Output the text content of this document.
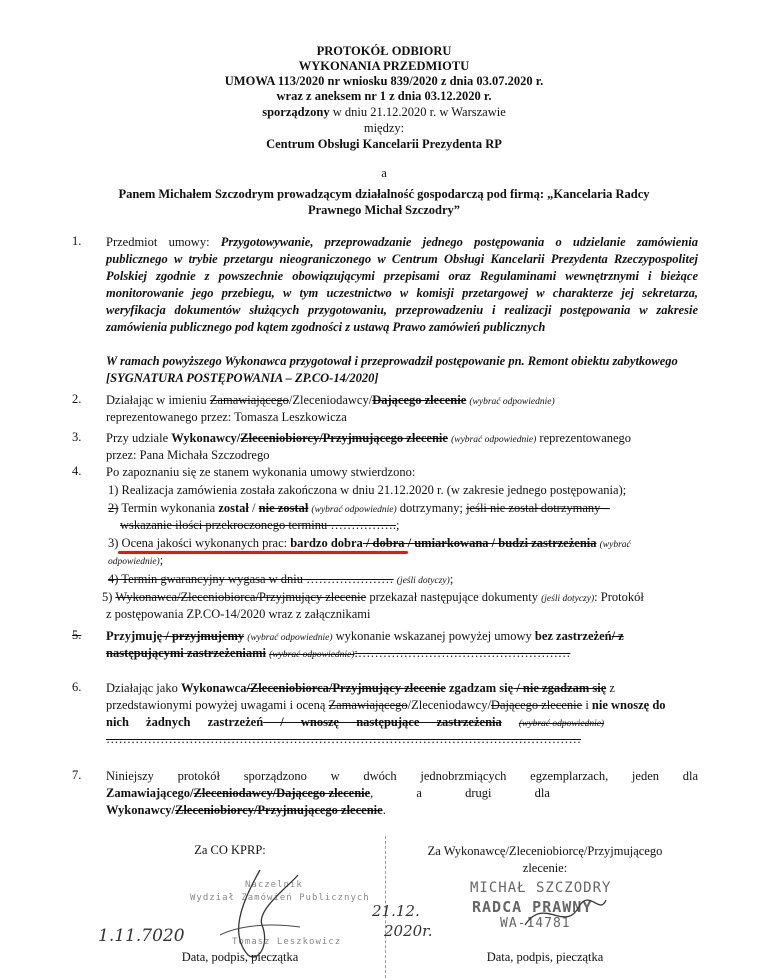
PROTOKÓŁ ODBIORU
WYKONANIA PRZEDMIOTU
UMOWA 113/2020 nr wniosku 839/2020 z dnia 03.07.2020 r.
wraz z aneksem nr 1 z dnia 03.12.2020 r.
sporządzony w dniu 21.12.2020 r. w Warszawie
między:
Centrum Obsługi Kancelarii Prezydenta RP
a
Panem Michałem Szczodrym prowadzącym działalność gospodarczą pod firmą: „Kancelaria Radcy
Prawnego Michał Szczodry”
1. Przedmiot umowy: Przygotowywanie, przeprowadzanie jednego postępowania o udzielanie zamówienia publicznego w trybie przetargu nieograniczonego w Centrum Obsługi Kancelarii Prezydenta Rzeczypospolitej Polskiej zgodnie z powszechnie obowiązującymi przepisami oraz Regulaminami wewnętrznymi i bieżące monitorowanie jego przebiegu, w tym uczestnictwo w komisji przetargowej w charakterze jej sekretarza, weryfikacja dokumentów służących przygotowaniu, przeprowadzeniu i realizacji postępowania w zakresie zamówienia publicznego pod kątem zgodności z ustawą Prawo zamówień publicznych
W ramach powyższego Wykonawca przygotował i przeprowadził postępowanie pn. Remont obiektu zabytkowego [SYGNATURA POSTĘPOWANIA – ZP.CO-14/2020]
2. Działając w imieniu Zamawiającego/Zleceniodawcy/Dającego zlecenie (wybrać odpowiednie)
reprezentowanego przez: Tomasza Leszkowicza
3. Przy udziale Wykonawcy/Zleceniobiorcy/Przyjmującego zlecenie (wybrać odpowiednie) reprezentowanego
przez: Pana Michała Szczodrego
4. Po zapoznaniu się ze stanem wykonania umowy stwierdzono:
1) Realizacja zamówienia została zakończona w dniu 21.12.2020 r. (w zakresie jednego postępowania);
2) Termin wykonania został / nie został (wybrać odpowiednie) dotrzymany; jeśli nie został dotrzymany –
wskazanie ilości przekroczonego terminu …………….;
3) Ocena jakości wykonanych prac: bardzo dobra / dobra / umiarkowana / budzi zastrzeżenia (wybrać
odpowiednie);
4) Termin gwarancyjny wygasa w dniu ………………… (jeśli dotyczy);
5) Wykonawca/Zleceniobiorca/Przyjmujący zlecenie przekazał następujące dokumenty (jeśli dotyczy): Protokół
z postępowania ZP.CO-14/2020 wraz z załącznikami
5. Przyjmuję / przyjmujemy (wybrać odpowiednie) wykonanie wskazanej powyżej umowy bez zastrzeżeń/ z
następującymi zastrzeżeniami (wybrać odpowiednie):……………………………………………
6. Działając jako Wykonawca/Zleceniobiorca/Przyjmujący zlecenie zgadzam się / nie zgadzam się z
przedstawionymi powyżej uwagami i oceną Zamawiającego/Zleceniodawcy/Dającego zlecenie i nie wnoszę do
nich żadnych zastrzeżeń / wnoszę następujące zastrzeżenia (wybrać odpowiednie)
……………………………………………………………………………………………………
7. Niniejszy protokół sporządzono w dwóch jednobrzmiących egzemplarzach, jeden dla
Zamawiającego/Zleceniodawcy/Dającego zlecenie, a drugi dla
Wykonawcy/Zleceniobiorcy/Przyjmującego zlecenie.
Za CO KPRP:	Za Wykonawcę/Zleceniobiorcę/Przyjmującego
zlecenie:
Naczelnik
Wydział Zamówień Publicznych
Tomasz Leszkowicz
1.11.7020
MICHAŁ SZCZODRY
RADCA PRAWNY
WA-14781
21.12.
2020r.
Data, podpis, pieczątka	Data, podpis, pieczątka
